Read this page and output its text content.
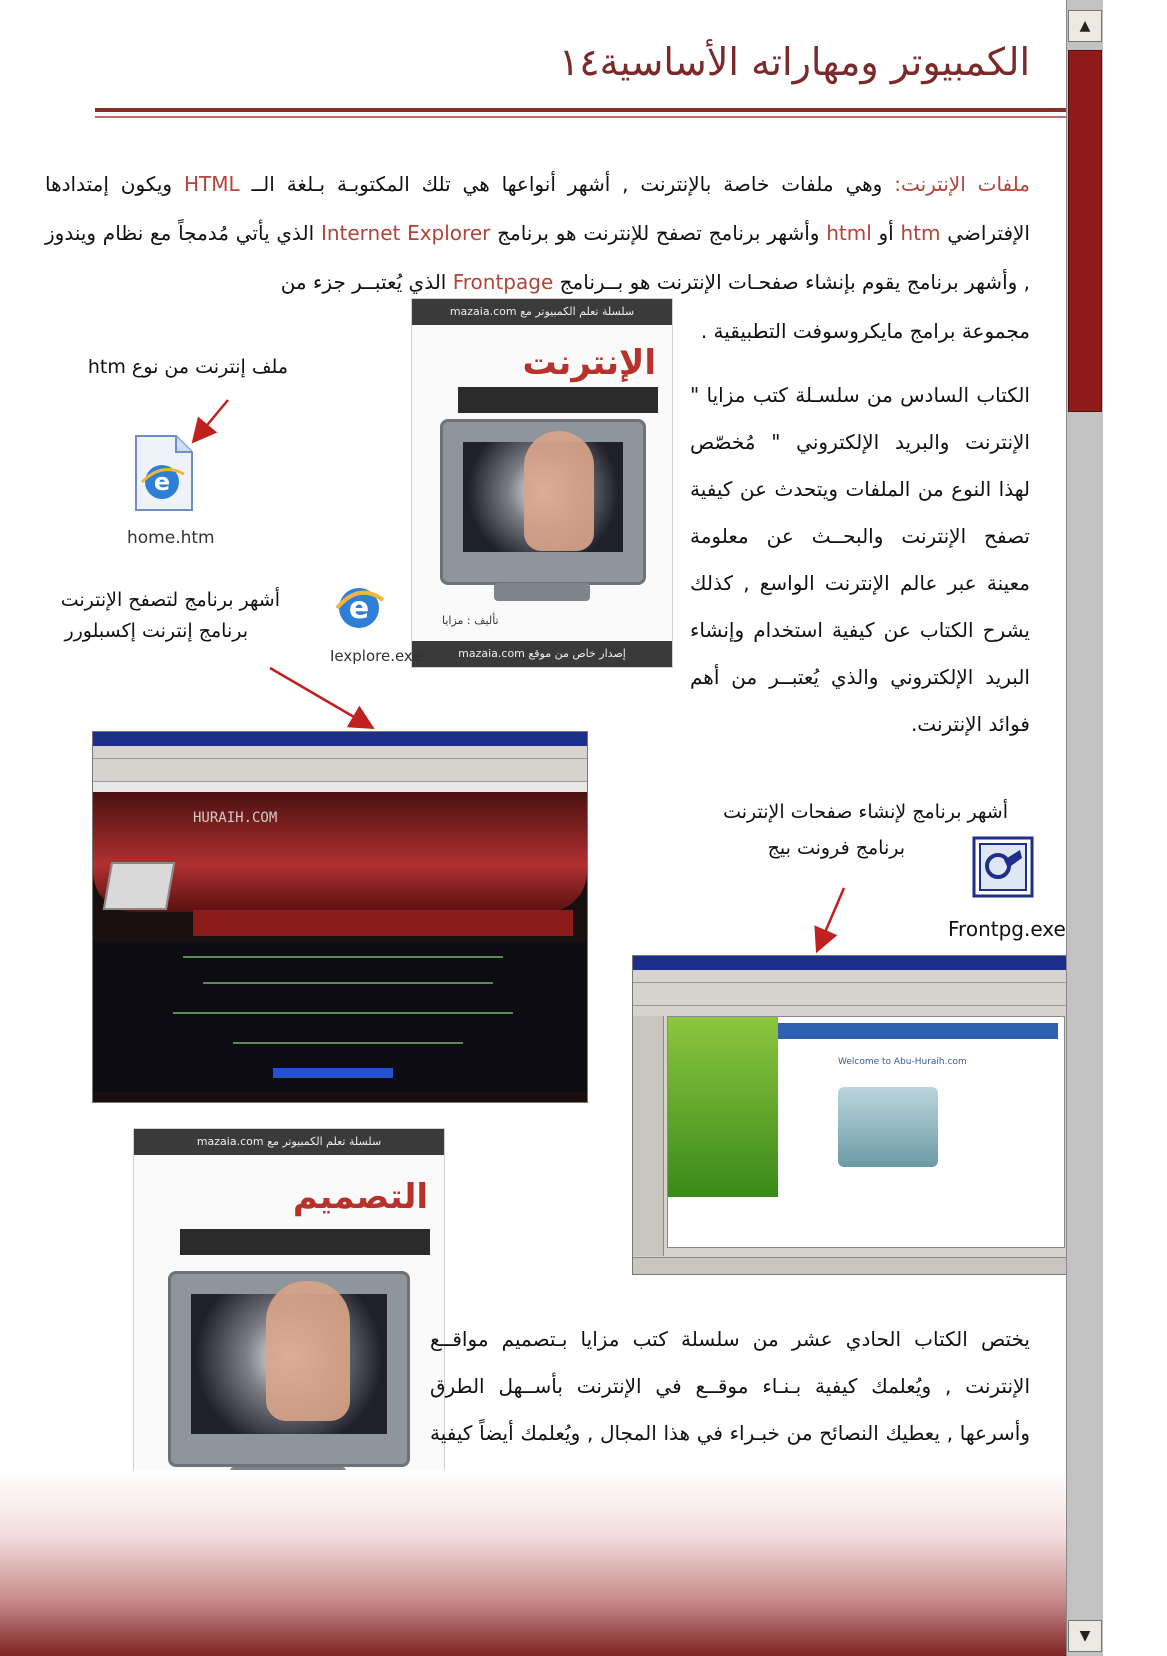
الكمبيوتر ومهاراته الأساسية١٤
ملفات الإنترنت: وهي ملفات خاصة بالإنترنت , أشهر أنواعها هي تلك المكتوبـة بـلغة الــ HTML ويكون إمتدادها الإفتراضي htm أو html وأشهر برنامج تصفح للإنترنت هو برنامج Internet Explorer الذي يأتي مُدمجاً مع نظام ويندوز , وأشهر برنامج يقوم بإنشاء صفحـات الإنترنت هو بــرنامج Frontpage الذي يُعتبــر جزء من
مجموعة برامج مايكروسوفت التطبيقية .
الكتاب السادس من سلسـلة كتب مزايا " الإنترنت والبريد الإلكتروني " مُخصّص لهذا النوع من الملفات ويتحدث عن كيفية تصفح الإنترنت والبحــث عن معلومة معينة عبر عالم الإنترنت الواسع , كذلك يشرح الكتاب عن كيفية استخدام وإنشاء البريد الإلكتروني والذي يُعتبــر من أهم فوائد الإنترنت.
سلسلة تعلم الكمبيوتر مع mazaia.com
الإنترنت
تأليف : مزايا
إصدار خاص من موقع mazaia.com
ملف إنترنت من نوع htm
e
home.htm
أشهر برنامج لتصفح الإنترنت
برنامج إنترنت إكسبلورر
e
Iexplore.exe
أشهر برنامج لإنشاء صفحات الإنترنت
برنامج فرونت بيج
Frontpg.exe
HURAIH.COM
Welcome to Abu-Huraih.com
سلسلة تعلم الكمبيوتر مع mazaia.com
التصميم
يختص الكتاب الحادي عشر من سلسلة كتب مزايا بـتصميم مواقــع الإنترنت , ويُعلمك كيفية بـنـاء موقــع في الإنترنت بأســهل الطرق وأسرعها , يعطيك النصائح من خبـراء في هذا المجال , ويُعلمك أيضاً كيفية
▲
▼
